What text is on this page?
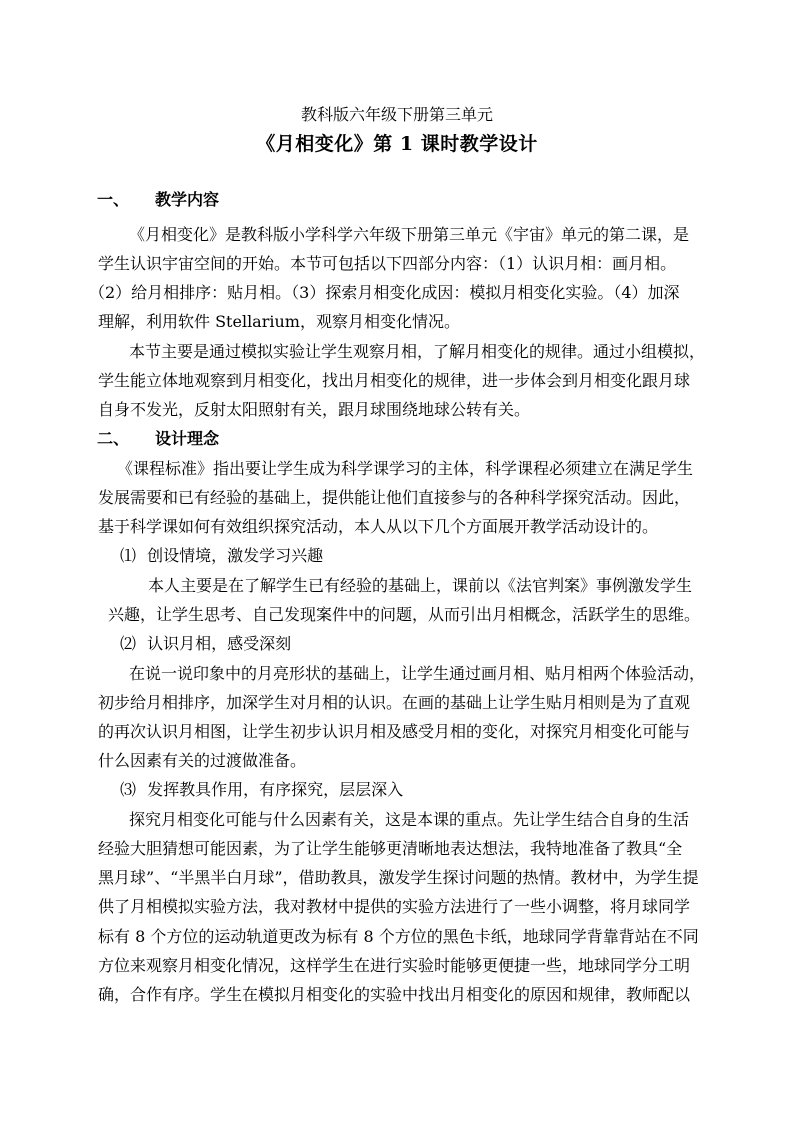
教科版六年级下册第三单元
《月相变化》第 1 课时教学设计
一、 教学内容
《月相变化》是教科版小学科学六年级下册第三单元《宇宙》单元的第二课，是
学生认识宇宙空间的开始。本节可包括以下四部分内容：（1）认识月相：画月相。
（2）给月相排序：贴月相。（3）探索月相变化成因：模拟月相变化实验。（4）加深
理解，利用软件 Stellarium，观察月相变化情况。
本节主要是通过模拟实验让学生观察月相，了解月相变化的规律。通过小组模拟，
学生能立体地观察到月相变化，找出月相变化的规律，进一步体会到月相变化跟月球
自身不发光，反射太阳照射有关，跟月球围绕地球公转有关。
二、 设计理念
《课程标准》指出要让学生成为科学课学习的主体，科学课程必须建立在满足学生
发展需要和已有经验的基础上，提供能让他们直接参与的各种科学探究活动。因此，
基于科学课如何有效组织探究活动，本人从以下几个方面展开教学活动设计的。
⑴ 创设情境，激发学习兴趣
本人主要是在了解学生已有经验的基础上，课前以《法官判案》事例激发学生
兴趣，让学生思考、自己发现案件中的问题，从而引出月相概念，活跃学生的思维。
⑵ 认识月相，感受深刻
在说一说印象中的月亮形状的基础上，让学生通过画月相、贴月相两个体验活动，
初步给月相排序，加深学生对月相的认识。在画的基础上让学生贴月相则是为了直观
的再次认识月相图，让学生初步认识月相及感受月相的变化，对探究月相变化可能与
什么因素有关的过渡做准备。
⑶ 发挥教具作用，有序探究，层层深入
探究月相变化可能与什么因素有关，这是本课的重点。先让学生结合自身的生活
经验大胆猜想可能因素，为了让学生能够更清晰地表达想法，我特地准备了教具“全
黑月球”、“半黑半白月球”，借助教具，激发学生探讨问题的热情。教材中，为学生提
供了月相模拟实验方法，我对教材中提供的实验方法进行了一些小调整，将月球同学
标有 8 个方位的运动轨道更改为标有 8 个方位的黑色卡纸，地球同学背靠背站在不同
方位来观察月相变化情况，这样学生在进行实验时能够更便捷一些，地球同学分工明
确，合作有序。学生在模拟月相变化的实验中找出月相变化的原因和规律，教师配以
